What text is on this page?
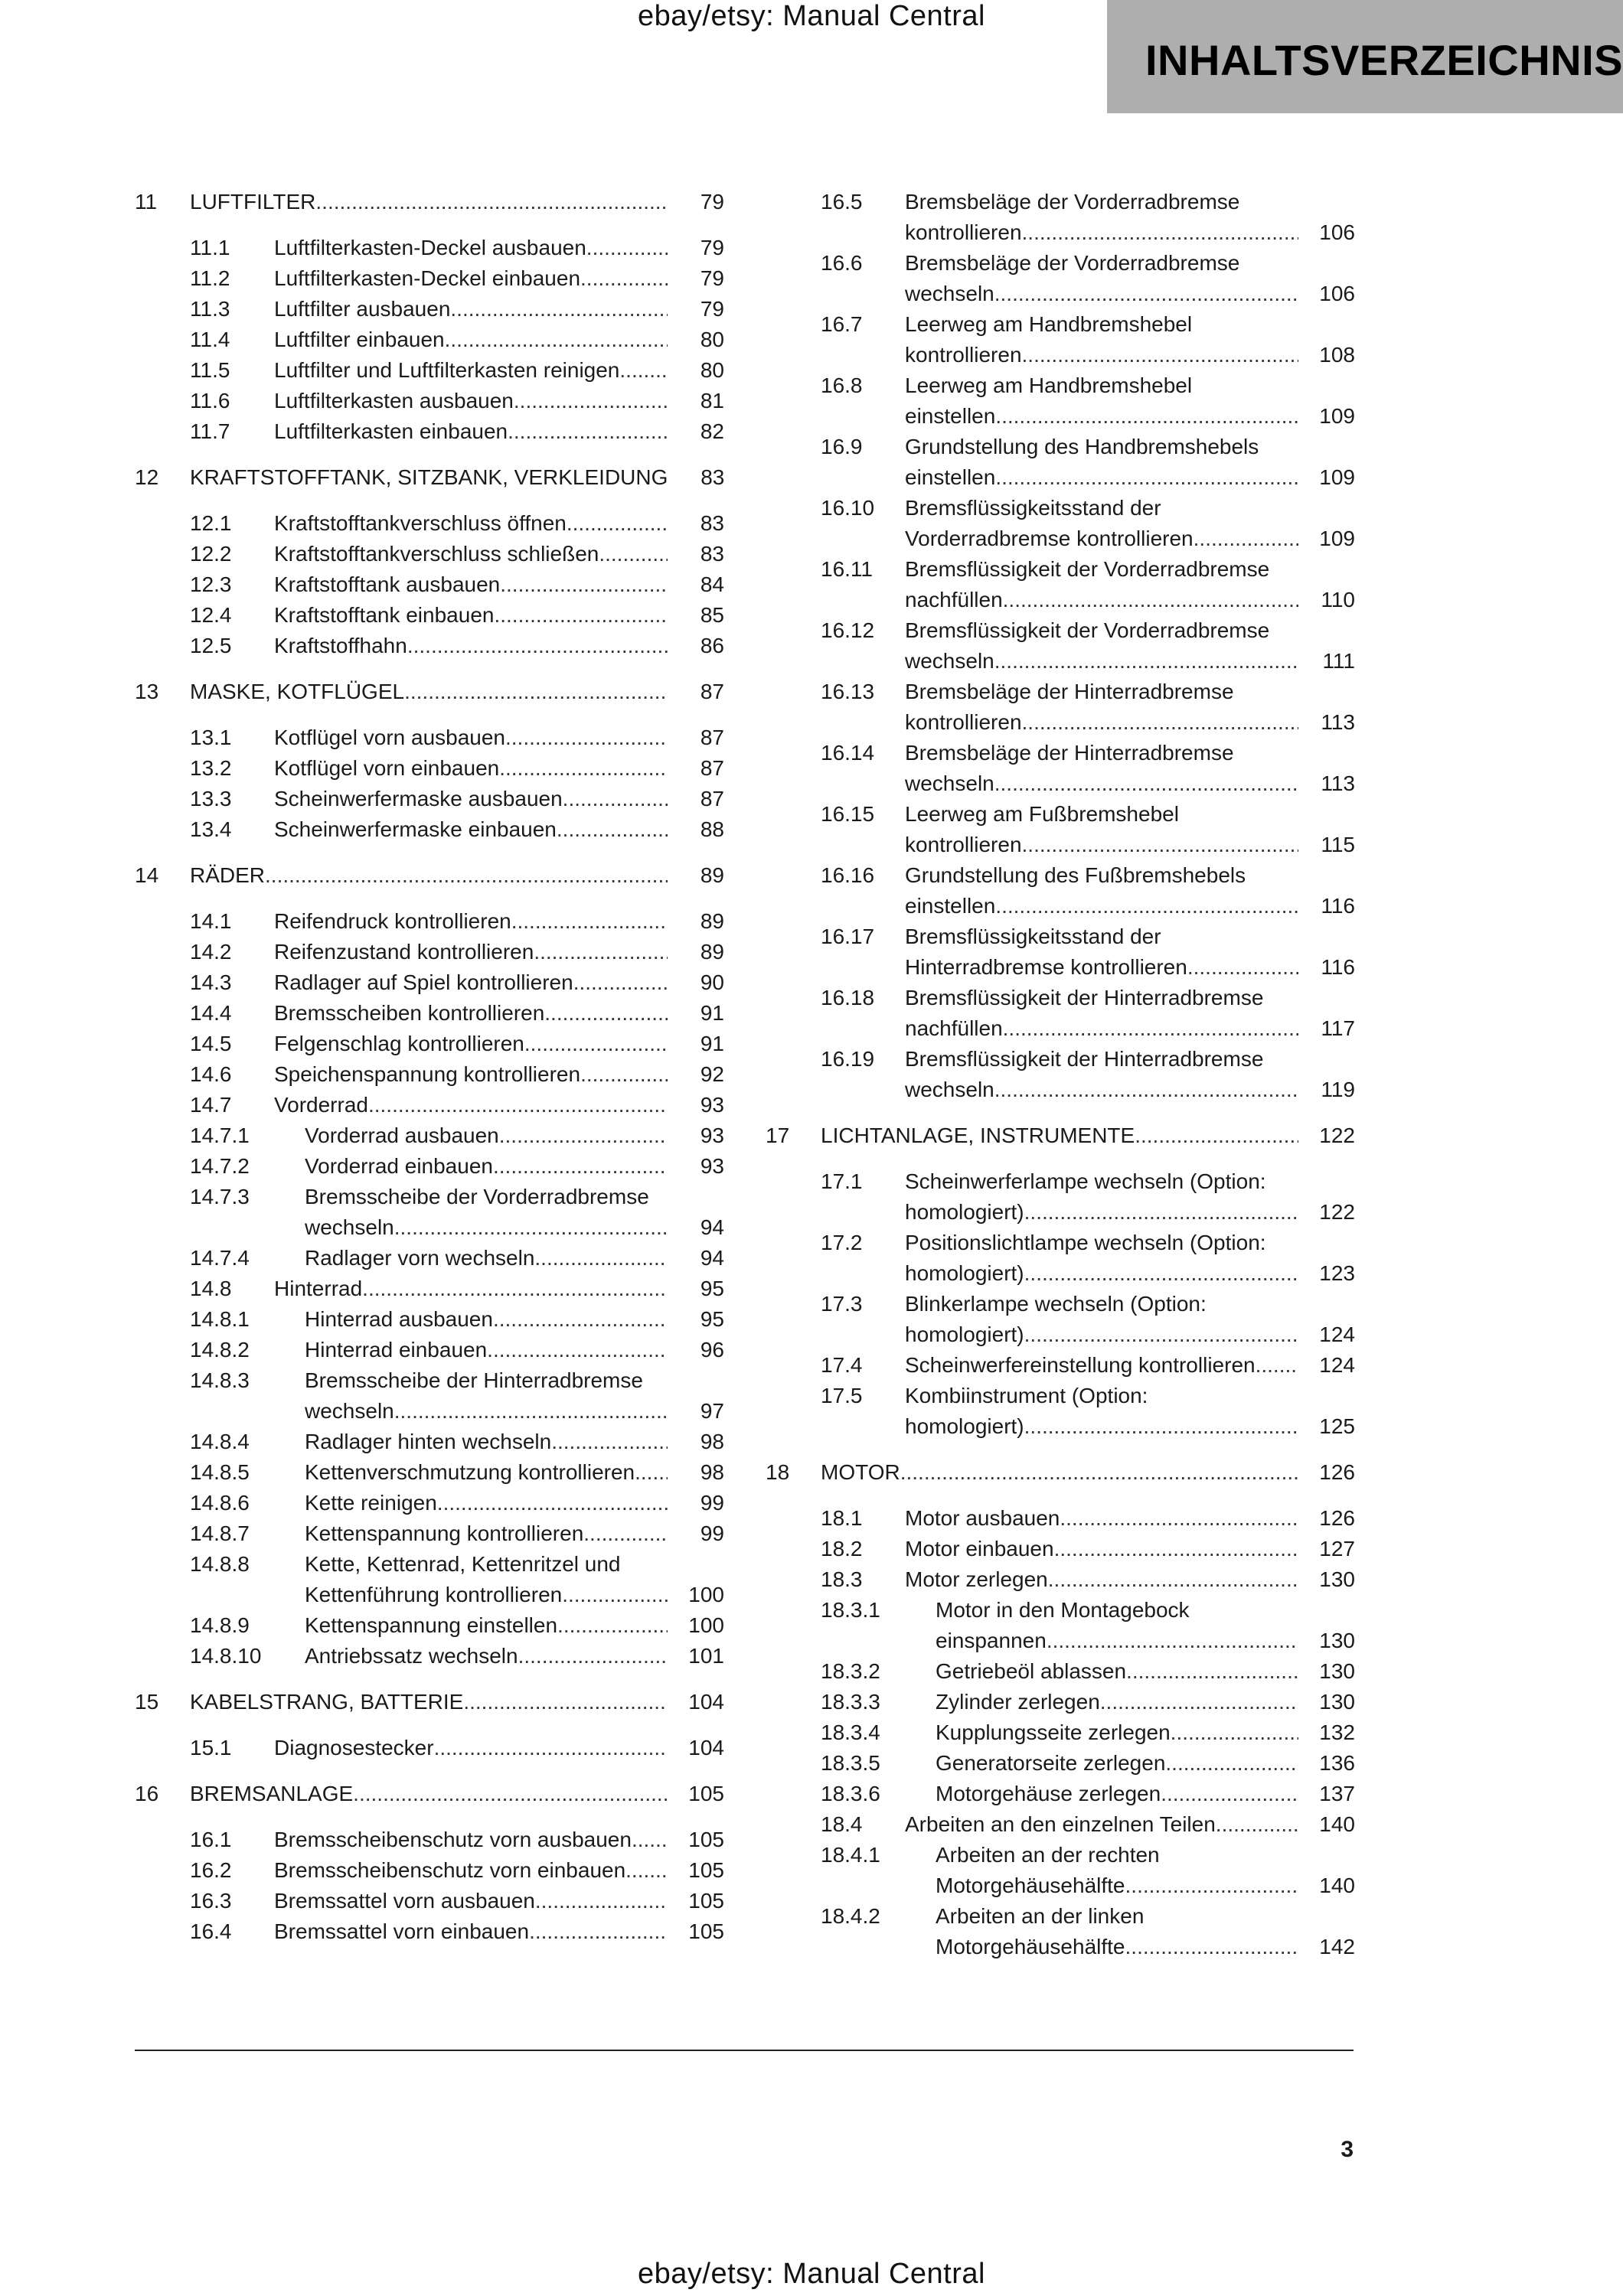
ebay/etsy: Manual Central
INHALTSVERZEICHNIS
11 LUFTFILTER .....	79
11.1 Luftfilterkasten-Deckel ausbauen .....	79
11.2 Luftfilterkasten-Deckel einbauen .....	79
11.3 Luftfilter ausbauen .....	79
11.4 Luftfilter einbauen .....	80
11.5 Luftfilter und Luftfilterkasten reinigen .....	80
11.6 Luftfilterkasten ausbauen .....	81
11.7 Luftfilterkasten einbauen .....	82
12 KRAFTSTOFFTANK, SITZBANK, VERKLEIDUNG	83
12.1 Kraftstofftankverschluss öffnen .....	83
12.2 Kraftstofftankverschluss schließen .....	83
12.3 Kraftstofftank ausbauen .....	84
12.4 Kraftstofftank einbauen .....	85
12.5 Kraftstoffhahn .....	86
13 MASKE, KOTFLÜGEL .....	87
13.1 Kotflügel vorn ausbauen .....	87
13.2 Kotflügel vorn einbauen .....	87
13.3 Scheinwerfermaske ausbauen .....	87
13.4 Scheinwerfermaske einbauen .....	88
14 RÄDER .....	89
14.1 Reifendruck kontrollieren .....	89
14.2 Reifenzustand kontrollieren .....	89
14.3 Radlager auf Spiel kontrollieren .....	90
14.4 Bremsscheiben kontrollieren .....	91
14.5 Felgenschlag kontrollieren .....	91
14.6 Speichenspannung kontrollieren .....	92
14.7 Vorderrad .....	93
14.7.1	Vorderrad ausbauen .....	93
14.7.2	Vorderrad einbauen .....	93
14.7.3	Bremsscheibe der Vorderradbremse
wechseln .....	94
14.7.4	Radlager vorn wechseln .....	94
14.8 Hinterrad .....	95
14.8.1	Hinterrad ausbauen .....	95
14.8.2	Hinterrad einbauen .....	96
14.8.3	Bremsscheibe der Hinterradbremse
wechseln .....	97
14.8.4	Radlager hinten wechseln .....	98
14.8.5	Kettenverschmutzung kontrollieren .....	98
14.8.6	Kette reinigen .....	99
14.8.7	Kettenspannung kontrollieren .....	99
14.8.8	Kette, Kettenrad, Kettenritzel und
Kettenführung kontrollieren .....	100
14.8.9	Kettenspannung einstellen .....	100
14.8.10 Antriebssatz wechseln .....	101
15 KABELSTRANG, BATTERIE .....	104
15.1 Diagnosestecker .....	104
16 BREMSANLAGE .....	105
16.1 Bremsscheibenschutz vorn ausbauen .....	105
16.2 Bremsscheibenschutz vorn einbauen .....	105
16.3 Bremssattel vorn ausbauen .....	105
16.4 Bremssattel vorn einbauen .....	105
16.5 Bremsbeläge der Vorderradbremse
kontrollieren .....	106
16.6 Bremsbeläge der Vorderradbremse
wechseln .....	106
16.7 Leerweg am Handbremshebel
kontrollieren .....	108
16.8 Leerweg am Handbremshebel
einstellen .....	109
16.9 Grundstellung des Handbremshebels
einstellen .....	109
16.10 Bremsflüssigkeitsstand der
Vorderradbremse kontrollieren .....	109
16.11 Bremsflüssigkeit der Vorderradbremse
nachfüllen .....	110
16.12 Bremsflüssigkeit der Vorderradbremse
wechseln .....	111
16.13 Bremsbeläge der Hinterradbremse
kontrollieren .....	113
16.14 Bremsbeläge der Hinterradbremse
wechseln .....	113
16.15 Leerweg am Fußbremshebel
kontrollieren .....	115
16.16 Grundstellung des Fußbremshebels
einstellen .....	116
16.17 Bremsflüssigkeitsstand der
Hinterradbremse kontrollieren .....	116
16.18 Bremsflüssigkeit der Hinterradbremse
nachfüllen .....	117
16.19 Bremsflüssigkeit der Hinterradbremse
wechseln .....	119
17 LICHTANLAGE, INSTRUMENTE .....	122
17.1 Scheinwerferlampe wechseln (Option:
homologiert) .....	122
17.2 Positionslichtlampe wechseln (Option:
homologiert) .....	123
17.3 Blinkerlampe wechseln (Option:
homologiert) .....	124
17.4 Scheinwerfereinstellung kontrollieren .....	124
17.5 Kombiinstrument (Option:
homologiert) .....	125
18 MOTOR .....	126
18.1 Motor ausbauen .....	126
18.2 Motor einbauen .....	127
18.3 Motor zerlegen .....	130
18.3.1	Motor in den Montagebock
einspannen .....	130
18.3.2	Getriebeöl ablassen .....	130
18.3.3	Zylinder zerlegen .....	130
18.3.4	Kupplungsseite zerlegen .....	132
18.3.5	Generatorseite zerlegen .....	136
18.3.6	Motorgehäuse zerlegen .....	137
18.4 Arbeiten an den einzelnen Teilen .....	140
18.4.1	Arbeiten an der rechten
Motorgehäusehälfte .....	140
18.4.2	Arbeiten an der linken
Motorgehäusehälfte .....	142
3
ebay/etsy: Manual Central
